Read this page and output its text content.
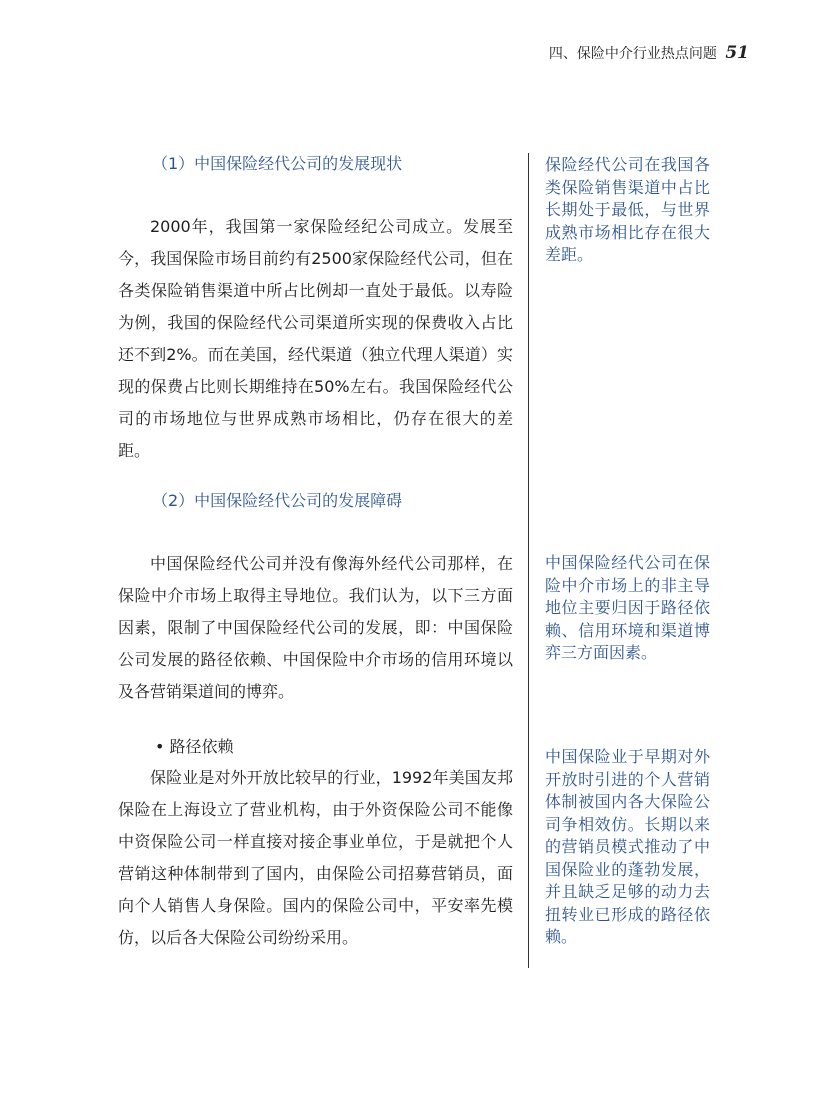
四、保险中介行业热点问题 51
（1）中国保险经代公司的发展现状

2000年，我国第一家保险经纪公司成立。发展至今，我国保险市场目前约有2500家保险经代公司，但在各类保险销售渠道中所占比例却一直处于最低。以寿险为例，我国的保险经代公司渠道所实现的保费收入占比还不到2%。而在美国，经代渠道（独立代理人渠道）实现的保费占比则长期维持在50%左右。我国保险经代公司的市场地位与世界成熟市场相比，仍存在很大的差距。

（2）中国保险经代公司的发展障碍

中国保险经代公司并没有像海外经代公司那样，在保险中介市场上取得主导地位。我们认为，以下三方面因素，限制了中国保险经代公司的发展，即：中国保险公司发展的路径依赖、中国保险中介市场的信用环境以及各营销渠道间的博弈。

• 路径依赖

保险业是对外开放比较早的行业，1992年美国友邦保险在上海设立了营业机构，由于外资保险公司不能像中资保险公司一样直接对接企事业单位，于是就把个人营销这种体制带到了国内，由保险公司招募营销员，面向个人销售人身保险。国内的保险公司中，平安率先模仿，以后各大保险公司纷纷采用。

保险经代公司在我国各类保险销售渠道中占比长期处于最低，与世界成熟市场相比存在很大差距。

中国保险经代公司在保险中介市场上的非主导地位主要归因于路径依赖、信用环境和渠道博弈三方面因素。

中国保险业于早期对外开放时引进的个人营销体制被国内各大保险公司争相效仿。长期以来的营销员模式推动了中国保险业的蓬勃发展，并且缺乏足够的动力去扭转业已形成的路径依赖。
